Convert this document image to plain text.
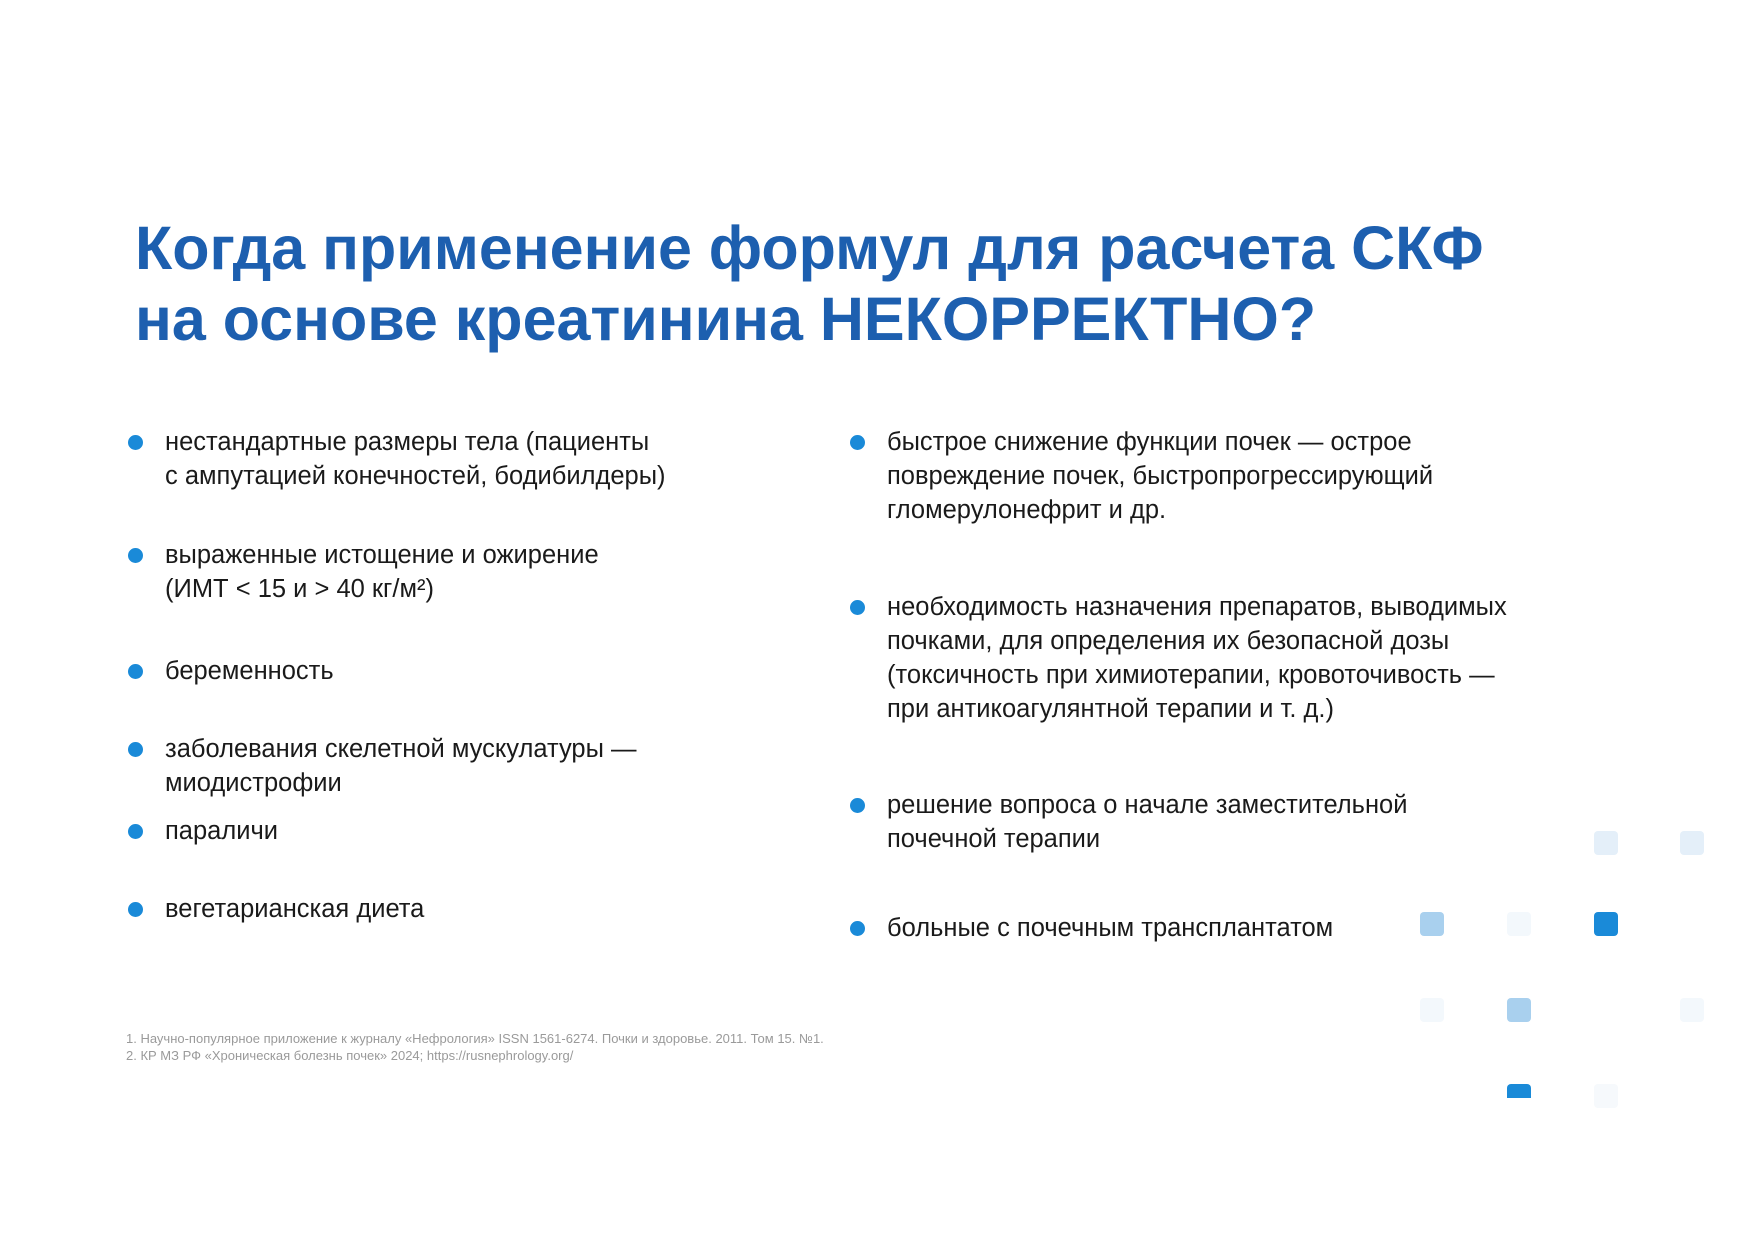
Когда применение формул для расчета СКФ
на основе креатинина НЕКОРРЕКТНО?
нестандартные размеры тела (пациенты
с ампутацией конечностей, бодибилдеры)
выраженные истощение и ожирение
(ИМТ < 15 и > 40 кг/м²)
беременность
заболевания скелетной мускулатуры —
миодистрофии
параличи
вегетарианская диета
быстрое снижение функции почек — острое
повреждение почек, быстропрогрессирующий
гломерулонефрит и др.
необходимость назначения препаратов, выводимых
почками, для определения их безопасной дозы
(токсичность при химиотерапии, кровоточивость —
при антикоагулянтной терапии и т. д.)
решение вопроса о начале заместительной
почечной терапии
больные с почечным трансплантатом
1. Научно-популярное приложение к журналу «Нефрология» ISSN 1561-6274. Почки и здоровье. 2011. Том 15. №1.
2. КР МЗ РФ «Хроническая болезнь почек» 2024; https://rusnephrology.org/
